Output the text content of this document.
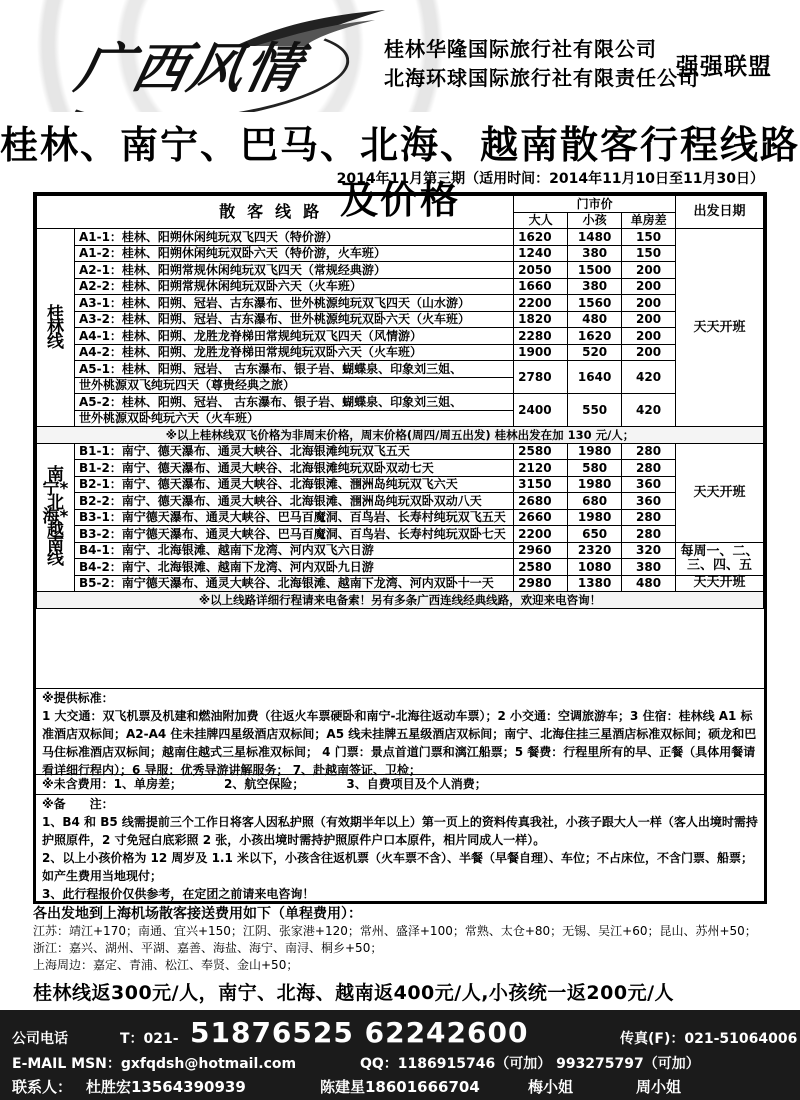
广西风情	桂林华隆国际旅行社有限公司
北海环球国际旅行社有限责任公司
强强联盟
桂林、南宁、巴马、北海、越南散客行程线路及价格
2014年11月第三期（适用时间：2014年11月10日至11月30日）
散客线路		门市价			出发日期
		大人	小孩	单房差	
桂林线	A1-1：桂林、阳朔休闲纯玩双飞四天（特价游）	1620	1480	150	天天开班
	A1-2：桂林、阳朔休闲纯玩双卧六天（特价游，火车班）	1240	380	150	
	A2-1：桂林、阳朔常规休闲纯玩双飞四天（常规经典游）	2050	1500	200	
	A2-2：桂林、阳朔常规休闲纯玩双卧六天（火车班）	1660	380	200	
	A3-1：桂林、阳朔、冠岩、古东瀑布、世外桃源纯玩双飞四天（山水游）	2200	1560	200	
	A3-2：桂林、阳朔、冠岩、古东瀑布、世外桃源纯玩双卧六天（火车班）	1820	480	200	
	A4-1：桂林、阳朔、龙胜龙脊梯田常规纯玩双飞四天（风情游）	2280	1620	200	
	A4-2：桂林、阳朔、龙胜龙脊梯田常规纯玩双卧六天（火车班）	1900	520	200	
	A5-1：桂林、阳朔、冠岩、 古东瀑布、银子岩、蝴蝶泉、印象刘三姐、	2780	1640	420	
	世外桃源双飞纯玩四天（尊贵经典之旅）				
	A5-2：桂林、阳朔、冠岩、 古东瀑布、银子岩、蝴蝶泉、印象刘三姐、	2400	550	420	
	世外桃源双卧纯玩六天（火车班）				
※以上桂林线双飞价格为非周末价格，周末价格(周四/周五出发) 桂林出发在加 130 元/人；					
南宁*北海*越南线	B1-1：南宁、德天瀑布、通灵大峡谷、北海银滩纯玩双飞五天	2580	1980	280	天天开班
	B1-2：南宁、德天瀑布、通灵大峡谷、北海银滩纯玩双卧双动七天	2120	580	280	
	B2-1：南宁、德天瀑布、通灵大峡谷、北海银滩、涠洲岛纯玩双飞六天	3150	1980	360	
	B2-2：南宁、德天瀑布、通灵大峡谷、北海银滩、涠洲岛纯玩双卧双动八天	2680	680	360	
	B3-1：南宁德天瀑布、通灵大峡谷、巴马百魔洞、百鸟岩、长寿村纯玩双飞五天	2660	1980	280	
	B3-2：南宁德天瀑布、通灵大峡谷、巴马百魔洞、百鸟岩、长寿村纯玩双卧七天	2200	650	280	
	B4-1：南宁、北海银滩、越南下龙湾、河内双飞六日游	2960	2320	320	每周一、二、三、四、五
	B4-2：南宁、北海银滩、越南下龙湾、河内双卧九日游	2580	1080	380	
	B5-2：南宁德天瀑布、通灵大峡谷、北海银滩、越南下龙湾、河内双卧十一天	2980	1380	480	天天开班
※以上线路详细行程请来电备索！另有多条广西连线经典线路，欢迎来电咨询！					
※提供标准：
1 大交通：双飞机票及机建和燃油附加费（往返火车票硬卧和南宁-北海往返动车票）；2 小交通：空调旅游车；3 住宿：桂林线 A1 标准酒店双标间；A2-A4 住未挂牌四星级酒店双标间；A5 线未挂牌五星级酒店双标间；南宁、北海住挂三星酒店标准双标间；硕龙和巴马住标准酒店双标间；越南住越式三星标准双标间； 4 门票：景点首道门票和漓江船票；5 餐费：行程里所有的早、正餐（具体用餐请看详细行程内）；6 导服：优秀导游讲解服务； 7、赴越南签证、卫检；
※未含费用：1、单房差；　　　　2、航空保险；　　　　3、自费项目及个人消费；
※备　　注：
1、B4 和 B5 线需提前三个工作日将客人因私护照（有效期半年以上）第一页上的资料传真我社，小孩子跟大人一样（客人出境时需持护照原件，2 寸免冠白底彩照 2 张，小孩出境时需持护照原件户口本原件，相片同成人一样）。
2、以上小孩价格为 12 周岁及 1.1 米以下，小孩含往返机票（火车票不含）、半餐（早餐自理）、车位；不占床位，不含门票、船票；如产生费用当地现付；
3、此行程报价仅供参考，在定团之前请来电咨询！
各出发地到上海机场散客接送费用如下（单程费用）：
江苏：靖江+170；南通、宜兴+150；江阴、张家港+120；常州、盛泽+100；常熟、太仓+80；无锡、吴江+60；昆山、苏州+50；
浙江：嘉兴、湖州、平湖、嘉善、海盐、海宁、南浔、桐乡+50；
上海周边：嘉定、青浦、松江、奉贤、金山+50；
桂林线返300元/人，南宁、北海、越南返400元/人,小孩统一返200元/人
公司电话	T：021- 51876525 62242600	传真(F)：021-51064006
E-MAIL MSN：gxfqdsh@hotmail.com	QQ：1186915746（可加） 993275797（可加）
联系人： 杜胜宏13564390939	陈建星18601666704	梅小姐	周小姐
